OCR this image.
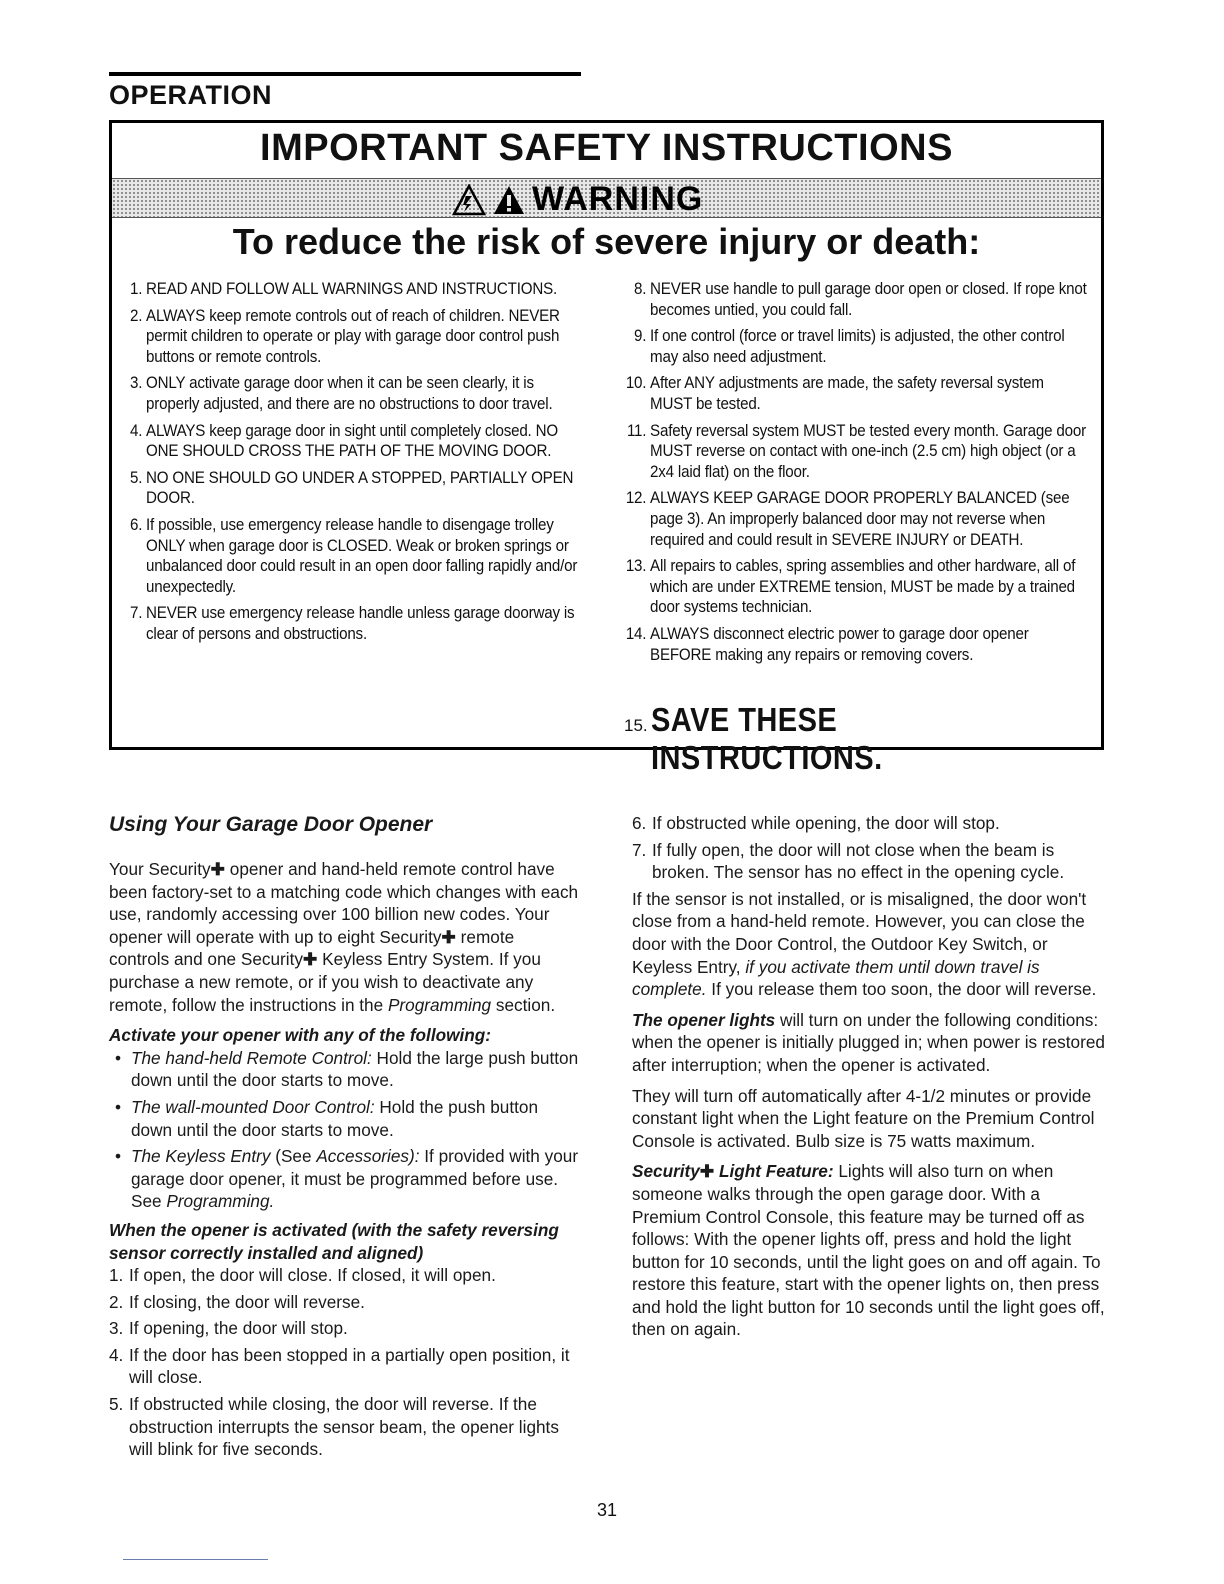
OPERATION
IMPORTANT SAFETY INSTRUCTIONS
WARNING
To reduce the risk of severe injury or death:
1. READ AND FOLLOW ALL WARNINGS AND INSTRUCTIONS.
2. ALWAYS keep remote controls out of reach of children. NEVER permit children to operate or play with garage door control push buttons or remote controls.
3. ONLY activate garage door when it can be seen clearly, it is properly adjusted, and there are no obstructions to door travel.
4. ALWAYS keep garage door in sight until completely closed. NO ONE SHOULD CROSS THE PATH OF THE MOVING DOOR.
5. NO ONE SHOULD GO UNDER A STOPPED, PARTIALLY OPEN DOOR.
6. If possible, use emergency release handle to disengage trolley ONLY when garage door is CLOSED. Weak or broken springs or unbalanced door could result in an open door falling rapidly and/or unexpectedly.
7. NEVER use emergency release handle unless garage doorway is clear of persons and obstructions.
8. NEVER use handle to pull garage door open or closed. If rope knot becomes untied, you could fall.
9. If one control (force or travel limits) is adjusted, the other control may also need adjustment.
10. After ANY adjustments are made, the safety reversal system MUST be tested.
11. Safety reversal system MUST be tested every month. Garage door MUST reverse on contact with one-inch (2.5 cm) high object (or a 2x4 laid flat) on the floor.
12. ALWAYS KEEP GARAGE DOOR PROPERLY BALANCED (see page 3). An improperly balanced door may not reverse when required and could result in SEVERE INJURY or DEATH.
13. All repairs to cables, spring assemblies and other hardware, all of which are under EXTREME tension, MUST be made by a trained door systems technician.
14. ALWAYS disconnect electric power to garage door opener BEFORE making any repairs or removing covers.
15. SAVE THESE INSTRUCTIONS.
Using Your Garage Door Opener

Your Security✚ opener and hand-held remote control have been factory-set to a matching code which changes with each use, randomly accessing over 100 billion new codes. Your opener will operate with up to eight Security✚ remote controls and one Security✚ Keyless Entry System. If you purchase a new remote, or if you wish to deactivate any remote, follow the instructions in the Programming section.

Activate your opener with any of the following:

• The hand-held Remote Control: Hold the large push button down until the door starts to move.
• The wall-mounted Door Control: Hold the push button down until the door starts to move.
• The Keyless Entry (See Accessories): If provided with your garage door opener, it must be programmed before use. See Programming.

When the opener is activated (with the safety reversing sensor correctly installed and aligned)

1. If open, the door will close. If closed, it will open.
2. If closing, the door will reverse.
3. If opening, the door will stop.
4. If the door has been stopped in a partially open position, it will close.
5. If obstructed while closing, the door will reverse. If the obstruction interrupts the sensor beam, the opener lights will blink for five seconds.
6. If obstructed while opening, the door will stop.
7. If fully open, the door will not close when the beam is broken. The sensor has no effect in the opening cycle.

If the sensor is not installed, or is misaligned, the door won't close from a hand-held remote. However, you can close the door with the Door Control, the Outdoor Key Switch, or Keyless Entry, if you activate them until down travel is complete. If you release them too soon, the door will reverse.

The opener lights will turn on under the following conditions: when the opener is initially plugged in; when power is restored after interruption; when the opener is activated.

They will turn off automatically after 4-1/2 minutes or provide constant light when the Light feature on the Premium Control Console is activated. Bulb size is 75 watts maximum.

Security✚ Light Feature: Lights will also turn on when someone walks through the open garage door. With a Premium Control Console, this feature may be turned off as follows: With the opener lights off, press and hold the light button for 10 seconds, until the light goes on and off again. To restore this feature, start with the opener lights on, then press and hold the light button for 10 seconds until the light goes off, then on again.

31
